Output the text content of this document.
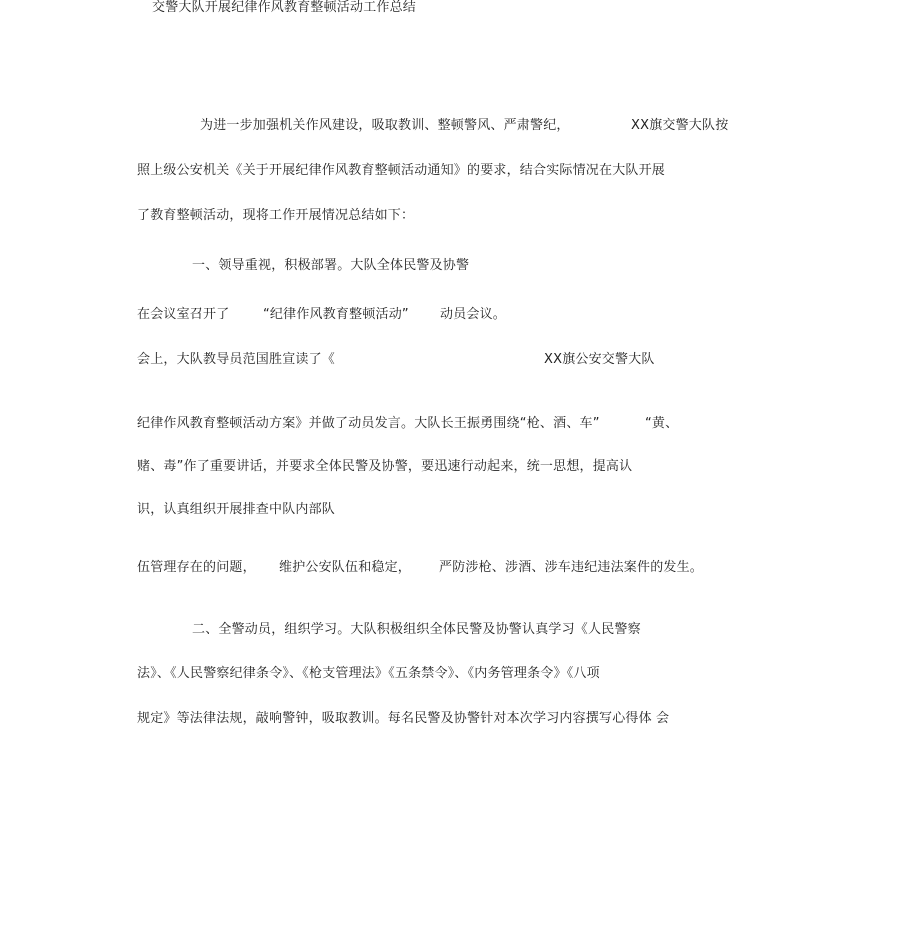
交警大队开展纪律作风教育整顿活动工作总结
为进一步加强机关作风建设，吸取教训、整顿警风、严肃警纪，	XX旗交警大队按
照上级公安机关《关于开展纪律作风教育整顿活动通知》的要求，结合实际情况在大队开展
了教育整顿活动，现将工作开展情况总结如下：
一、领导重视，积极部署。大队全体民警及协警
在会议室召开了	“纪律作风教育整顿活动” 动员会议。
会上，大队教导员范国胜宣读了《	XX旗公安交警大队
纪律作风教育整顿活动方案》并做了动员发言。大队长王振勇围绕“枪、酒、车”	“黄、
赌、毒”作了重要讲话，并要求全体民警及协警，要迅速行动起来，统一思想，提高认
识，认真组织开展排查中队内部队
伍管理存在的问题， 维护公安队伍和稳定， 严防涉枪、涉酒、涉车违纪违法案件的发生。
二、全警动员，组织学习。大队积极组织全体民警及协警认真学习《人民警察
法》、《人民警察纪律条令》、《枪支管理法》《五条禁令》、《内务管理条令》《八项
规定》等法律法规，敲响警钟，吸取教训。每名民警及协警针对本次学习内容撰写心得体 会
